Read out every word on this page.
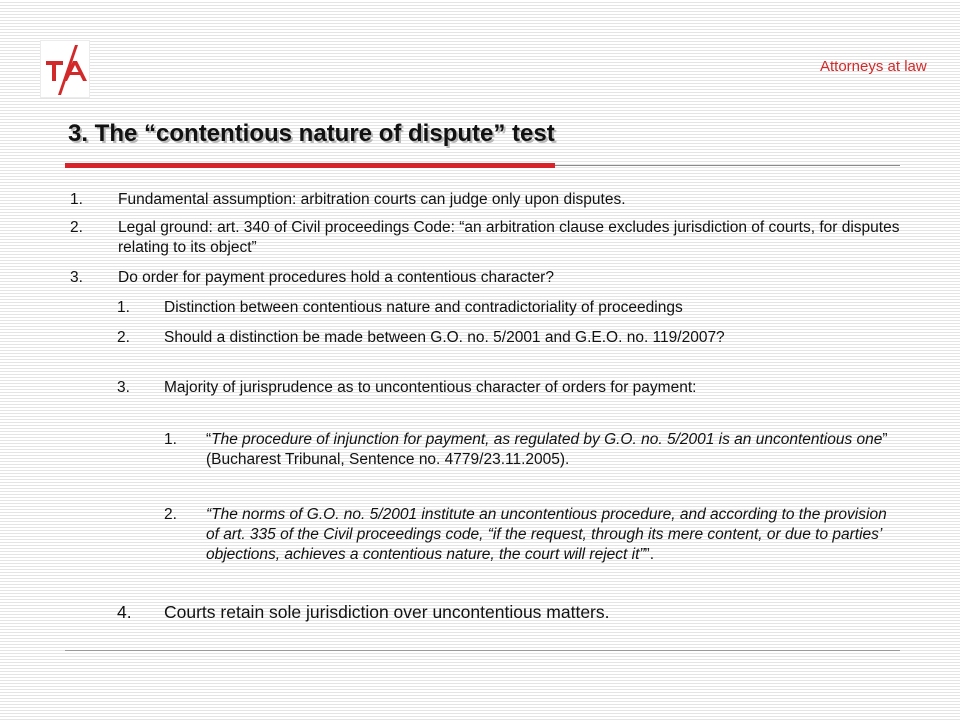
Attorneys at law
3. The “contentious nature of dispute” test
1. Fundamental assumption: arbitration courts can judge only upon disputes.
2. Legal ground: art. 340 of Civil proceedings Code: “an arbitration clause excludes jurisdiction of courts, for disputes relating to its object”
3. Do order for payment procedures hold a contentious character?
1. Distinction between contentious nature and contradictoriality of proceedings
2. Should a distinction be made between G.O. no. 5/2001 and G.E.O. no. 119/2007?
3. Majority of jurisprudence as to uncontentious character of orders for payment:
1. “The procedure of injunction for payment, as regulated by G.O. no. 5/2001 is an uncontentious one” (Bucharest Tribunal, Sentence no. 4779/23.11.2005).
2. “The norms of G.O. no. 5/2001 institute an uncontentious procedure, and according to the provision of art. 335 of the Civil proceedings code, “if the request, through its mere content, or due to parties’ objections, achieves a contentious nature, the court will reject it””.
4. Courts retain sole jurisdiction over uncontentious matters.
